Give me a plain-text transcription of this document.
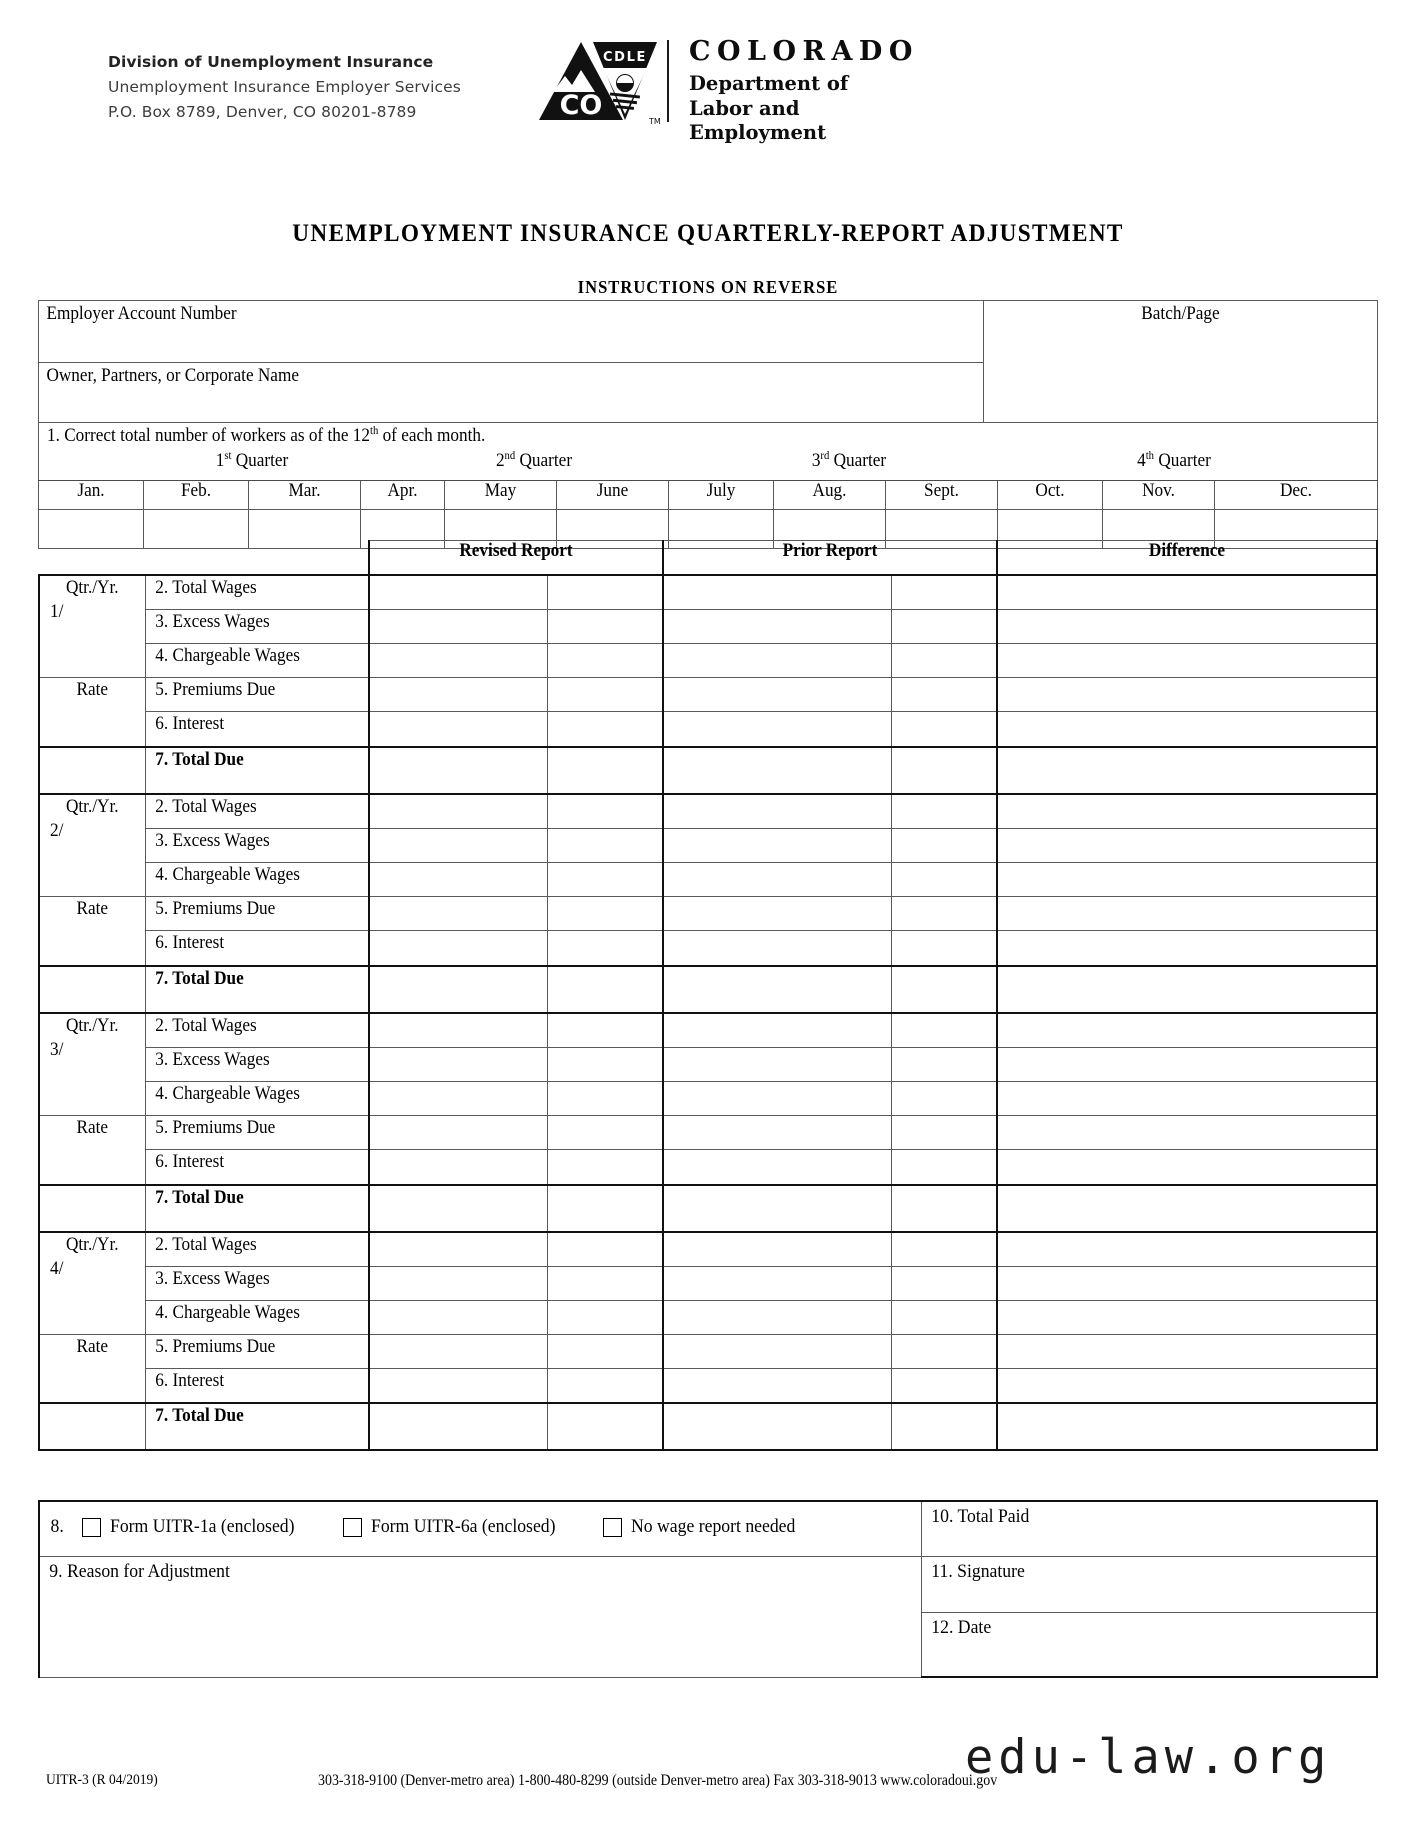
Division of Unemployment Insurance
Unemployment Insurance Employer Services
P.O. Box 8789, Denver, CO 80201-8789	CO
CDLE
TM
COLORADO
Department of
Labor and Employment
UNEMPLOYMENT INSURANCE QUARTERLY-REPORT ADJUSTMENT
INSTRUCTIONS ON REVERSE
Employer Account Number	Batch/Page

Owner, Partners, or Corporate Name
1. Correct total number of workers as of the 12th of each month.
1st Quarter 2nd Quarter 3rd Quarter 4th Quarter											

Jan.	Feb.	Mar.	Apr.	May	June	July	Aug.	Sept.	Oct.	Nov.	Dec.

		Revised Report		Prior Report		Difference

Qtr./Yr.
1/	2. Total Wages					

	3. Excess Wages					

	4. Chargeable Wages					

Rate	5. Premiums Due					

	6. Interest					

	7. Total Due					

Qtr./Yr.
2/	2. Total Wages					

	3. Excess Wages					

	4. Chargeable Wages					

Rate	5. Premiums Due					

	6. Interest					

	7. Total Due					

Qtr./Yr.
3/	2. Total Wages					

	3. Excess Wages					

	4. Chargeable Wages					

Rate	5. Premiums Due					

	6. Interest					

	7. Total Due					

Qtr./Yr.
4/	2. Total Wages					

	3. Excess Wages					

	4. Chargeable Wages					

Rate	5. Premiums Due					

	6. Interest					

	7. Total Due					

8. Form UITR-1a (enclosed) Form UITR-6a (enclosed) No wage report needed	10. Total Paid

9. Reason for Adjustment	11. Signature

	12. Date
edu-law.org
UITR-3 (R 04/2019)	303-318-9100 (Denver-metro area) 1-800-480-8299 (outside Denver-metro area) Fax 303-318-9013 www.coloradoui.gov
